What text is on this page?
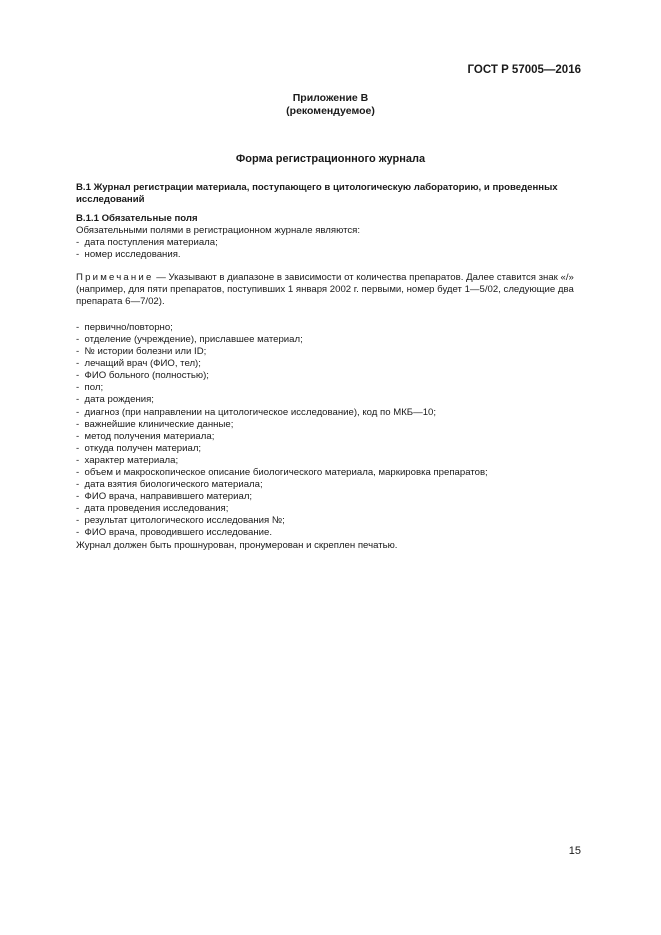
ГОСТ Р 57005—2016
Приложение В
(рекомендуемое)
Форма регистрационного журнала

В.1 Журнал регистрации материала, поступающего в цитологическую лабораторию, и проведенных исследований

В.1.1 Обязательные поля

Обязательными полями в регистрационном журнале являются:

-  дата поступления материала;
-  номер исследования.

Примечание — Указывают в диапазоне в зависимости от количества препаратов. Далее ставится знак «/» (например, для пяти препаратов, поступивших 1 января 2002 г. первыми, номер будет 1—5/02, следующие два препарата 6—7/02).

-  первично/повторно;
-  отделение (учреждение), приславшее материал;
-  № истории болезни или ID;
-  лечащий врач (ФИО, тел);
-  ФИО больного (полностью);
-  пол;
-  дата рождения;
-  диагноз (при направлении на цитологическое исследование), код по МКБ—10;
-  важнейшие клинические данные;
-  метод получения материала;
-  откуда получен материал;
-  характер материала;
-  объем и макроскопическое описание биологического материала, маркировка препаратов;
-  дата взятия биологического материала;
-  ФИО врача, направившего материал;
-  дата проведения исследования;
-  результат цитологического исследования №;
-  ФИО врача, проводившего исследование.

Журнал должен быть прошнурован, пронумерован и скреплен печатью.

15
